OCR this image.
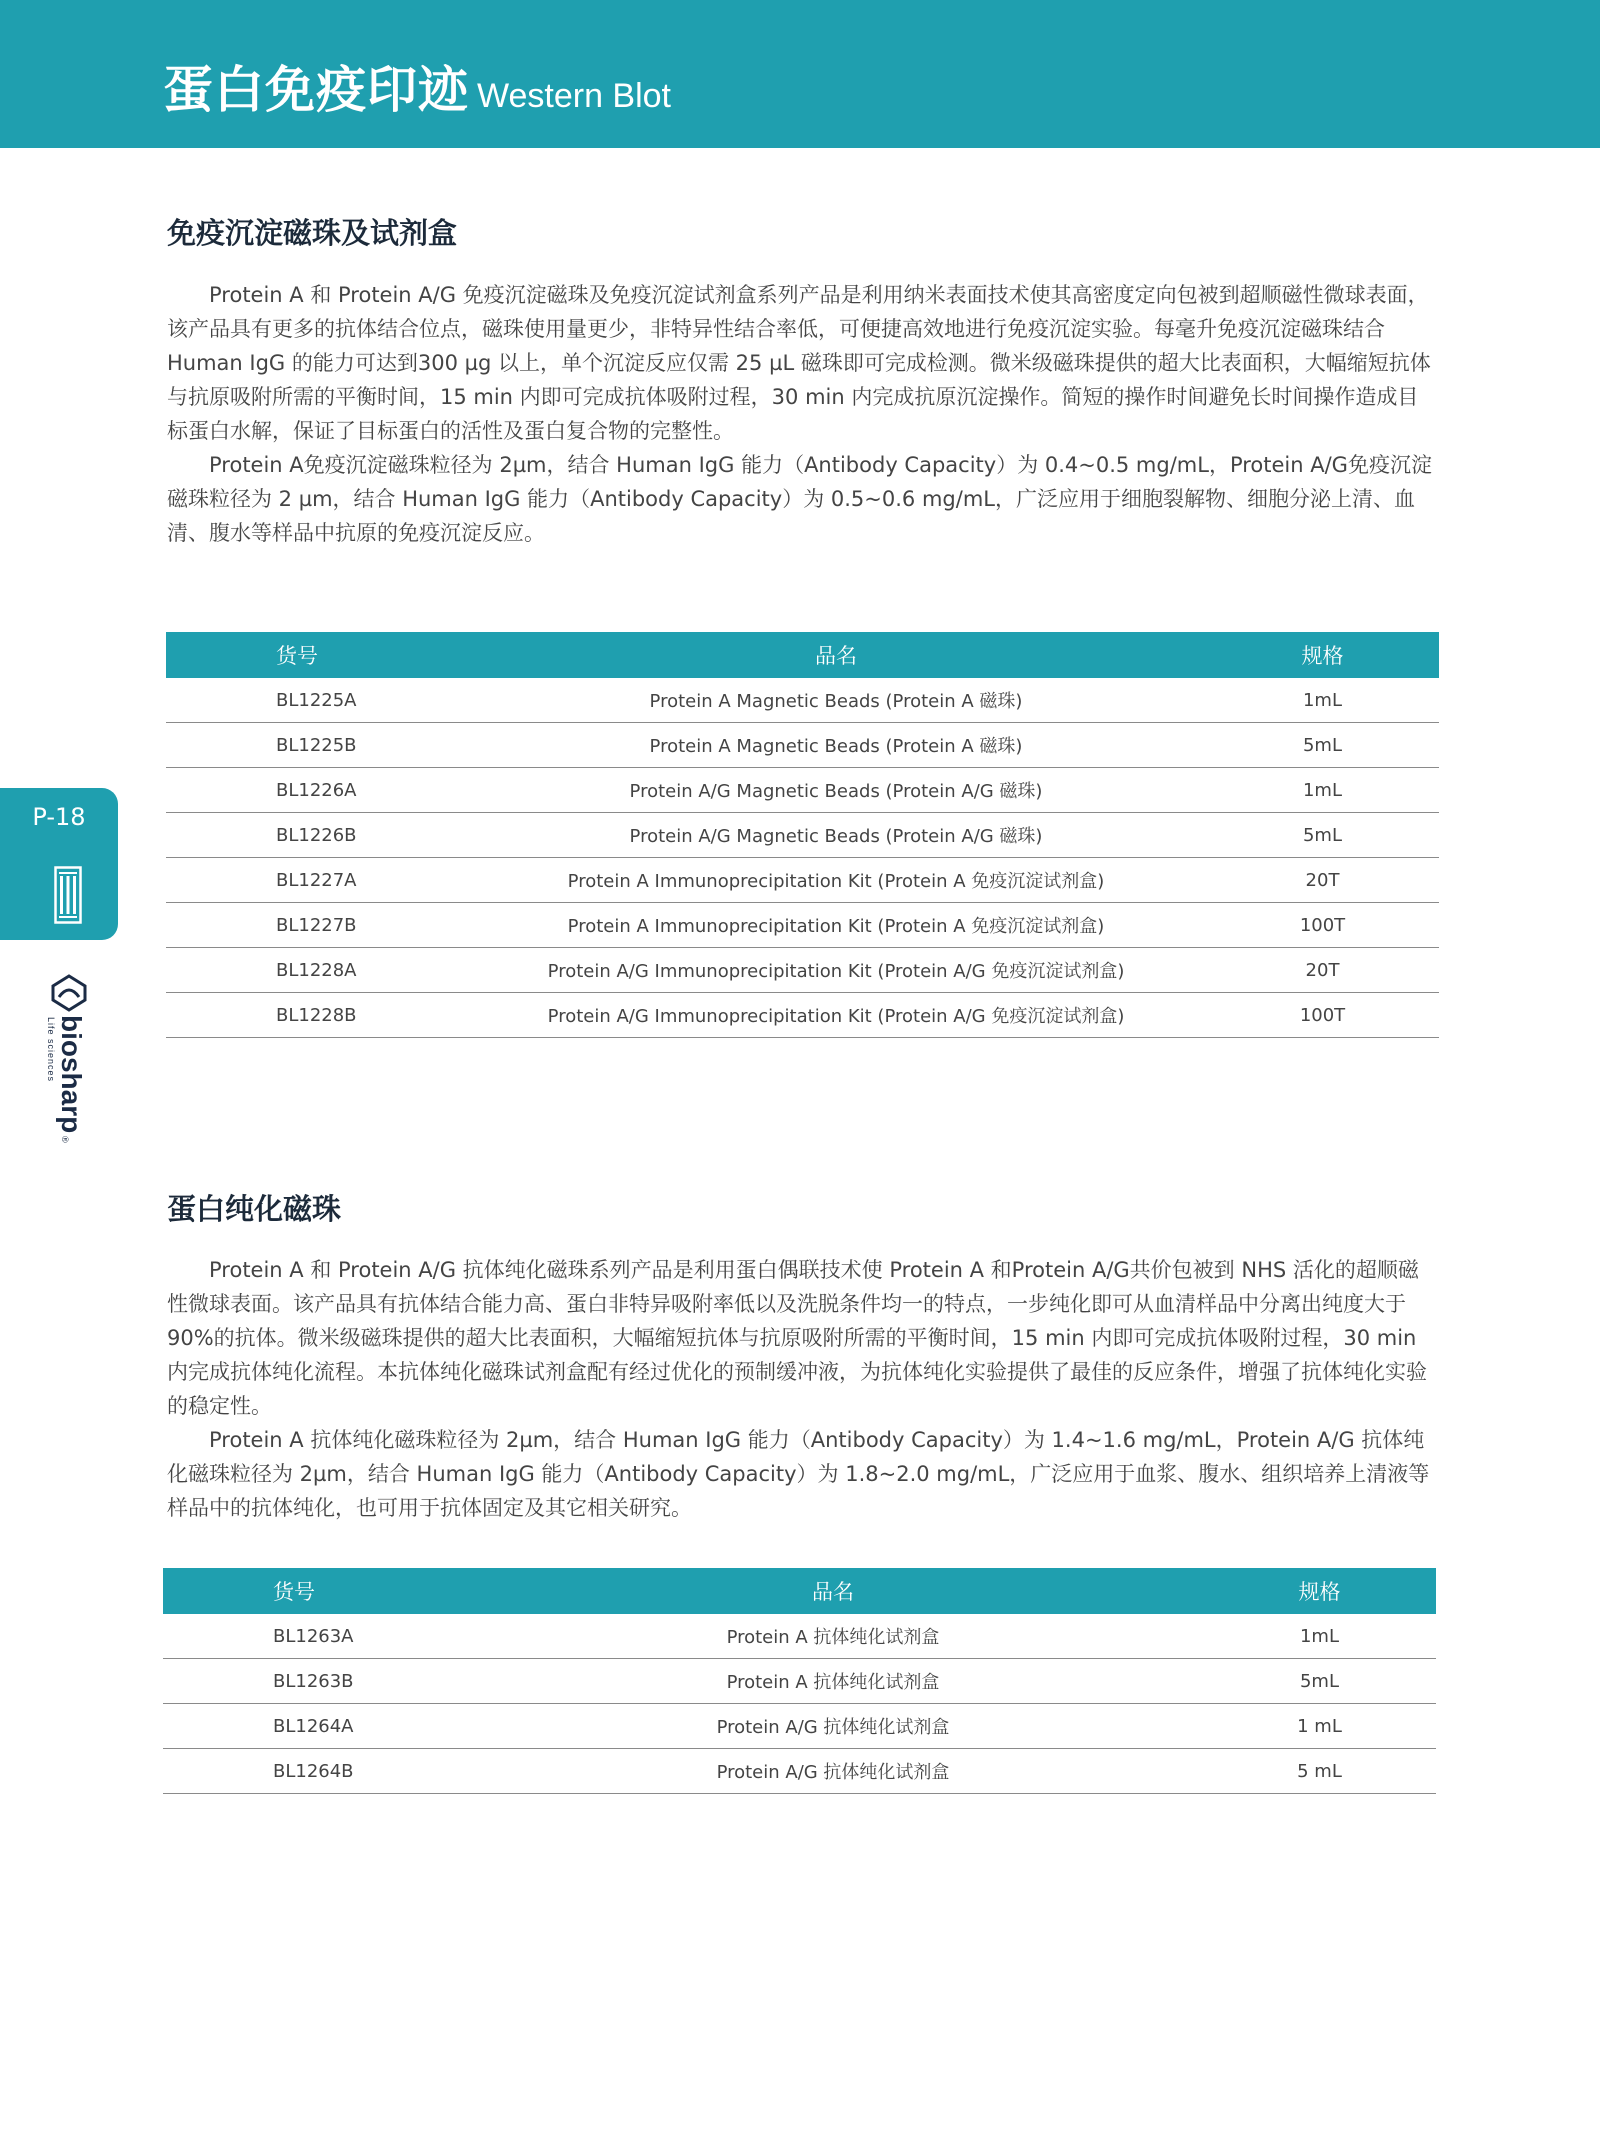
蛋白免疫印迹 Western Blot
免疫沉淀磁珠及试剂盒

Protein A 和 Protein A/G 免疫沉淀磁珠及免疫沉淀试剂盒系列产品是利用纳米表面技术使其高密度定向包被到超顺磁性微球表面，该产品具有更多的抗体结合位点，磁珠使用量更少，非特异性结合率低，可便捷高效地进行免疫沉淀实验。每毫升免疫沉淀磁珠结合 Human IgG 的能力可达到300 µg 以上，单个沉淀反应仅需 25 µL 磁珠即可完成检测。微米级磁珠提供的超大比表面积，大幅缩短抗体与抗原吸附所需的平衡时间，15 min 内即可完成抗体吸附过程，30 min 内完成抗原沉淀操作。简短的操作时间避免长时间操作造成目标蛋白水解，保证了目标蛋白的活性及蛋白复合物的完整性。

Protein A免疫沉淀磁珠粒径为 2µm，结合 Human IgG 能力（Antibody Capacity）为 0.4~0.5 mg/mL，Protein A/G免疫沉淀磁珠粒径为 2 µm，结合 Human IgG 能力（Antibody Capacity）为 0.5~0.6 mg/mL，广泛应用于细胞裂解物、细胞分泌上清、血清、腹水等样品中抗原的免疫沉淀反应。

货号	品名	规格
BL1225A	Protein A Magnetic Beads (Protein A 磁珠)	1mL
BL1225B	Protein A Magnetic Beads (Protein A 磁珠)	5mL
BL1226A	Protein A/G Magnetic Beads (Protein A/G 磁珠)	1mL
BL1226B	Protein A/G Magnetic Beads (Protein A/G 磁珠)	5mL
BL1227A	Protein A Immunoprecipitation Kit (Protein A 免疫沉淀试剂盒)	20T
BL1227B	Protein A Immunoprecipitation Kit (Protein A 免疫沉淀试剂盒)	100T
BL1228A	Protein A/G Immunoprecipitation Kit (Protein A/G 免疫沉淀试剂盒)	20T
BL1228B	Protein A/G Immunoprecipitation Kit (Protein A/G 免疫沉淀试剂盒)	100T
蛋白纯化磁珠

Protein A 和 Protein A/G 抗体纯化磁珠系列产品是利用蛋白偶联技术使 Protein A 和Protein A/G共价包被到 NHS 活化的超顺磁性微球表面。该产品具有抗体结合能力高、蛋白非特异吸附率低以及洗脱条件均一的特点，一步纯化即可从血清样品中分离出纯度大于 90%的抗体。微米级磁珠提供的超大比表面积，大幅缩短抗体与抗原吸附所需的平衡时间，15 min 内即可完成抗体吸附过程，30 min 内完成抗体纯化流程。本抗体纯化磁珠试剂盒配有经过优化的预制缓冲液，为抗体纯化实验提供了最佳的反应条件，增强了抗体纯化实验的稳定性。

Protein A 抗体纯化磁珠粒径为 2µm，结合 Human IgG 能力（Antibody Capacity）为 1.4~1.6 mg/mL，Protein A/G 抗体纯化磁珠粒径为 2µm，结合 Human IgG 能力（Antibody Capacity）为 1.8~2.0 mg/mL，广泛应用于血浆、腹水、组织培养上清液等样品中的抗体纯化，也可用于抗体固定及其它相关研究。

货号	品名	规格
BL1263A	Protein A 抗体纯化试剂盒	1mL
BL1263B	Protein A 抗体纯化试剂盒	5mL
BL1264A	Protein A/G 抗体纯化试剂盒	1 mL
BL1264B	Protein A/G 抗体纯化试剂盒	5 mL
P-18
biosharp
Life sciences
®
